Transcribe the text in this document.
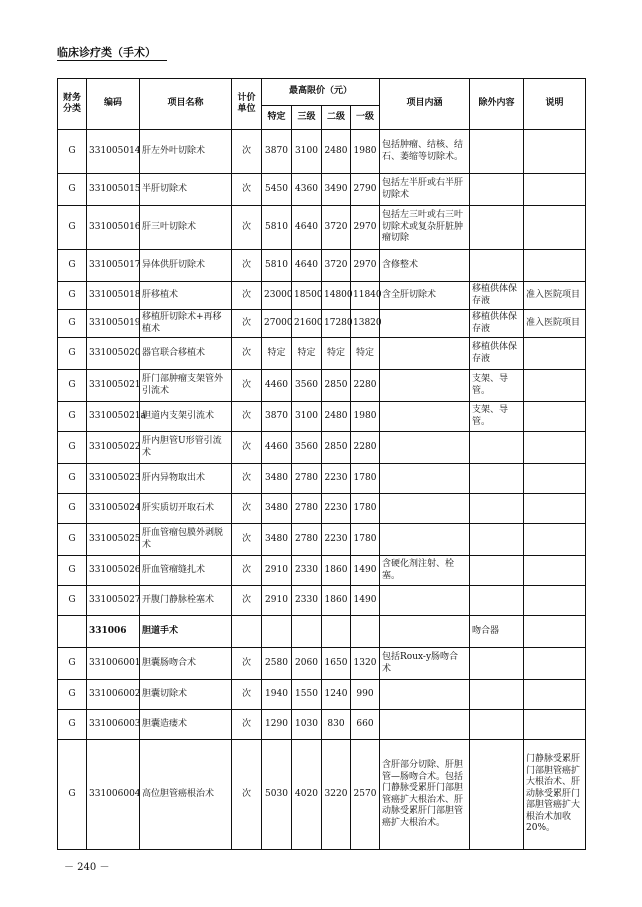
临床诊疗类（手术）
财务分类	编码	项目名称	计价单位	最高限价（元）				项目内涵	除外内容	说明
				特定	三级	二级	一级			
G	331005014	肝左外叶切除术	次	3870	3100	2480	1980	包括肿瘤、结核、结石、萎缩等切除术。		
G	331005015	半肝切除术	次	5450	4360	3490	2790	包括左半肝或右半肝切除术		
G	331005016	肝三叶切除术	次	5810	4640	3720	2970	包括左三叶或右三叶切除术或复杂肝脏肿瘤切除		
G	331005017	异体供肝切除术	次	5810	4640	3720	2970	含修整术		
G	331005018	肝移植术	次	23000	18500	14800	11840	含全肝切除术	移植供体保存液	准入医院项目
G	331005019	移植肝切除术+再移植术	次	27000	21600	17280	13820		移植供体保存液	准入医院项目
G	331005020	器官联合移植术	次	特定	特定	特定	特定		移植供体保存液	
G	331005021	肝门部肿瘤支架管外引流术	次	4460	3560	2850	2280		支架、导管。	
G	331005021a	胆道内支架引流术	次	3870	3100	2480	1980		支架、导管。	
G	331005022	肝内胆管U形管引流术	次	4460	3560	2850	2280			
G	331005023	肝内异物取出术	次	3480	2780	2230	1780			
G	331005024	肝实质切开取石术	次	3480	2780	2230	1780			
G	331005025	肝血管瘤包膜外剥脱术	次	3480	2780	2230	1780			
G	331005026	肝血管瘤缝扎术	次	2910	2330	1860	1490	含硬化剂注射、栓塞。		
G	331005027	开腹门静脉栓塞术	次	2910	2330	1860	1490			
	331006	胆道手术							吻合器	
G	331006001	胆囊肠吻合术	次	2580	2060	1650	1320	包括Roux-y肠吻合术		
G	331006002	胆囊切除术	次	1940	1550	1240	990			
G	331006003	胆囊造瘘术	次	1290	1030	830	660			
G	331006004	高位胆管癌根治术	次	5030	4020	3220	2570	含肝部分切除、肝胆管—肠吻合术。包括门静脉受累肝门部胆管癌扩大根治术、肝动脉受累肝门部胆管癌扩大根治术。		门静脉受累肝门部胆管癌扩大根治术、肝动脉受累肝门部胆管癌扩大根治术加收20%。
－ 240 －
